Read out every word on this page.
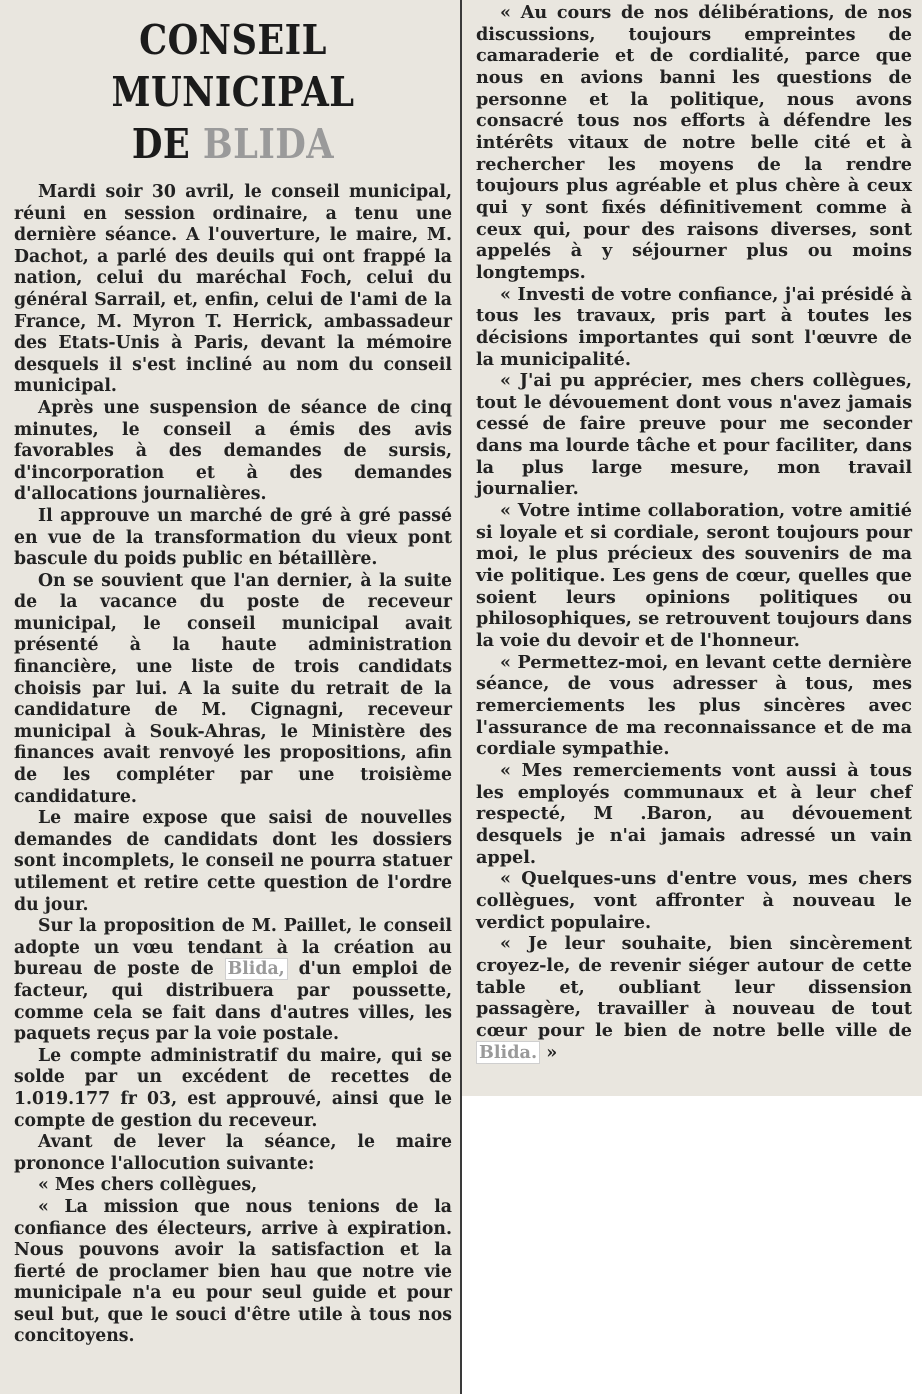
CONSEIL MUNICIPAL
DE BLIDA

Mardi soir 30 avril, le conseil municipal, réuni en session ordinaire, a tenu une dernière séance. A l'ouverture, le maire, M. Dachot, a parlé des deuils qui ont frappé la nation, celui du maréchal Foch, celui du général Sarrail, et, enfin, celui de l'ami de la France, M. Myron T. Herrick, ambassadeur des Etats-Unis à Paris, devant la mémoire desquels il s'est incliné au nom du conseil municipal.

Après une suspension de séance de cinq minutes, le conseil a émis des avis favorables à des demandes de sursis, d'incorporation et à des demandes d'allocations journalières.

Il approuve un marché de gré à gré passé en vue de la transformation du vieux pont bascule du poids public en bétaillère.

On se souvient que l'an dernier, à la suite de la vacance du poste de receveur municipal, le conseil municipal avait présenté à la haute administration financière, une liste de trois candidats choisis par lui. A la suite du retrait de la candidature de M. Cignagni, receveur municipal à Souk-Ahras, le Ministère des finances avait renvoyé les propositions, afin de les compléter par une troisième candidature.

Le maire expose que saisi de nouvelles demandes de candidats dont les dossiers sont incomplets, le conseil ne pourra statuer utilement et retire cette question de l'ordre du jour.

Sur la proposition de M. Paillet, le conseil adopte un vœu tendant à la création au bureau de poste de Blida, d'un emploi de facteur, qui distribuera par poussette, comme cela se fait dans d'autres villes, les paquets reçus par la voie postale.

Le compte administratif du maire, qui se solde par un excédent de recettes de 1.019.177 fr 03, est approuvé, ainsi que le compte de gestion du receveur.

Avant de lever la séance, le maire prononce l'allocution suivante:

« Mes chers collègues,

« La mission que nous tenions de la confiance des électeurs, arrive à expiration. Nous pouvons avoir la satisfaction et la fierté de proclamer bien hau que notre vie municipale n'a eu pour seul guide et pour seul but, que le souci d'être utile à tous nos concitoyens.

« Au cours de nos délibérations, de nos discussions, toujours empreintes de camaraderie et de cordialité, parce que nous en avions banni les questions de personne et la politique, nous avons consacré tous nos efforts à défendre les intérêts vitaux de notre belle cité et à rechercher les moyens de la rendre toujours plus agréable et plus chère à ceux qui y sont fixés définitivement comme à ceux qui, pour des raisons diverses, sont appelés à y séjourner plus ou moins longtemps.

« Investi de votre confiance, j'ai présidé à tous les travaux, pris part à toutes les décisions importantes qui sont l'œuvre de la municipalité.

« J'ai pu apprécier, mes chers collègues, tout le dévouement dont vous n'avez jamais cessé de faire preuve pour me seconder dans ma lourde tâche et pour faciliter, dans la plus large mesure, mon travail journalier.

« Votre intime collaboration, votre amitié si loyale et si cordiale, seront toujours pour moi, le plus précieux des souvenirs de ma vie politique. Les gens de cœur, quelles que soient leurs opinions politiques ou philosophiques, se retrouvent toujours dans la voie du devoir et de l'honneur.

« Permettez-moi, en levant cette dernière séance, de vous adresser à tous, mes remerciements les plus sincères avec l'assurance de ma reconnaissance et de ma cordiale sympathie.

« Mes remerciements vont aussi à tous les employés communaux et à leur chef respecté, M .Baron, au dévouement desquels je n'ai jamais adressé un vain appel.

« Quelques-uns d'entre vous, mes chers collègues, vont affronter à nouveau le verdict populaire.

« Je leur souhaite, bien sincèrement croyez-le, de revenir siéger autour de cette table et, oubliant leur dissension passagère, travailler à nouveau de tout cœur pour le bien de notre belle ville de Blida. »
